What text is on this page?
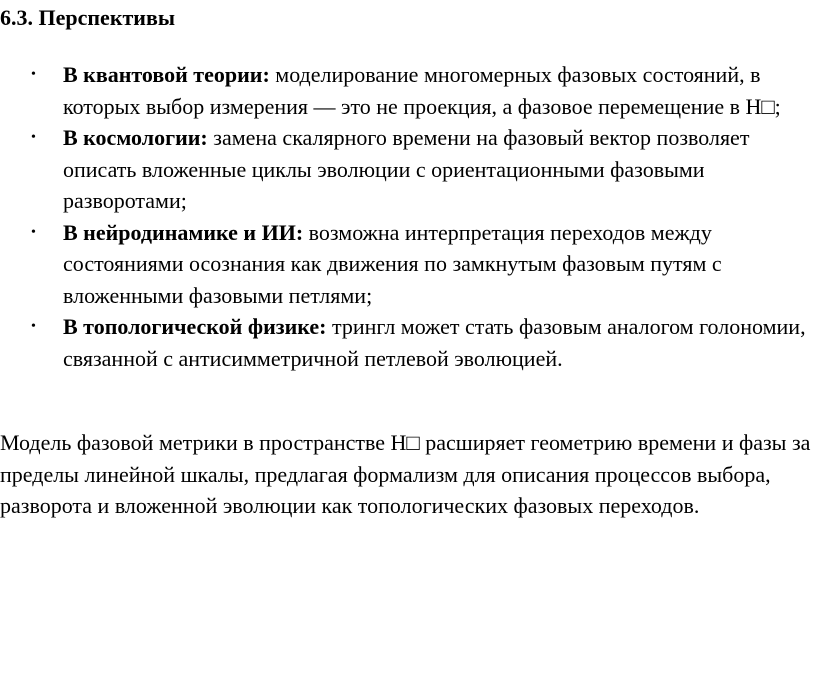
6.3. Перспективы
• В квантовой теории: моделирование многомерных фазовых состояний, в которых выбор измерения — это не проекция, а фазовое перемещение в H□;
• В космологии: замена скалярного времени на фазовый вектор позволяет описать вложенные циклы эволюции с ориентационными фазовыми разворотами;
• В нейродинамике и ИИ: возможна интерпретация переходов между состояниями осознания как движения по замкнутым фазовым путям с вложенными фазовыми петлями;
• В топологической физике: трингл может стать фазовым аналогом голономии, связанной с антисимметричной петлевой эволюцией.

Модель фазовой метрики в пространстве H□ расширяет геометрию времени и фазы за пределы линейной шкалы, предлагая формализм для описания процессов выбора, разворота и вложенной эволюции как топологических фазовых переходов.
